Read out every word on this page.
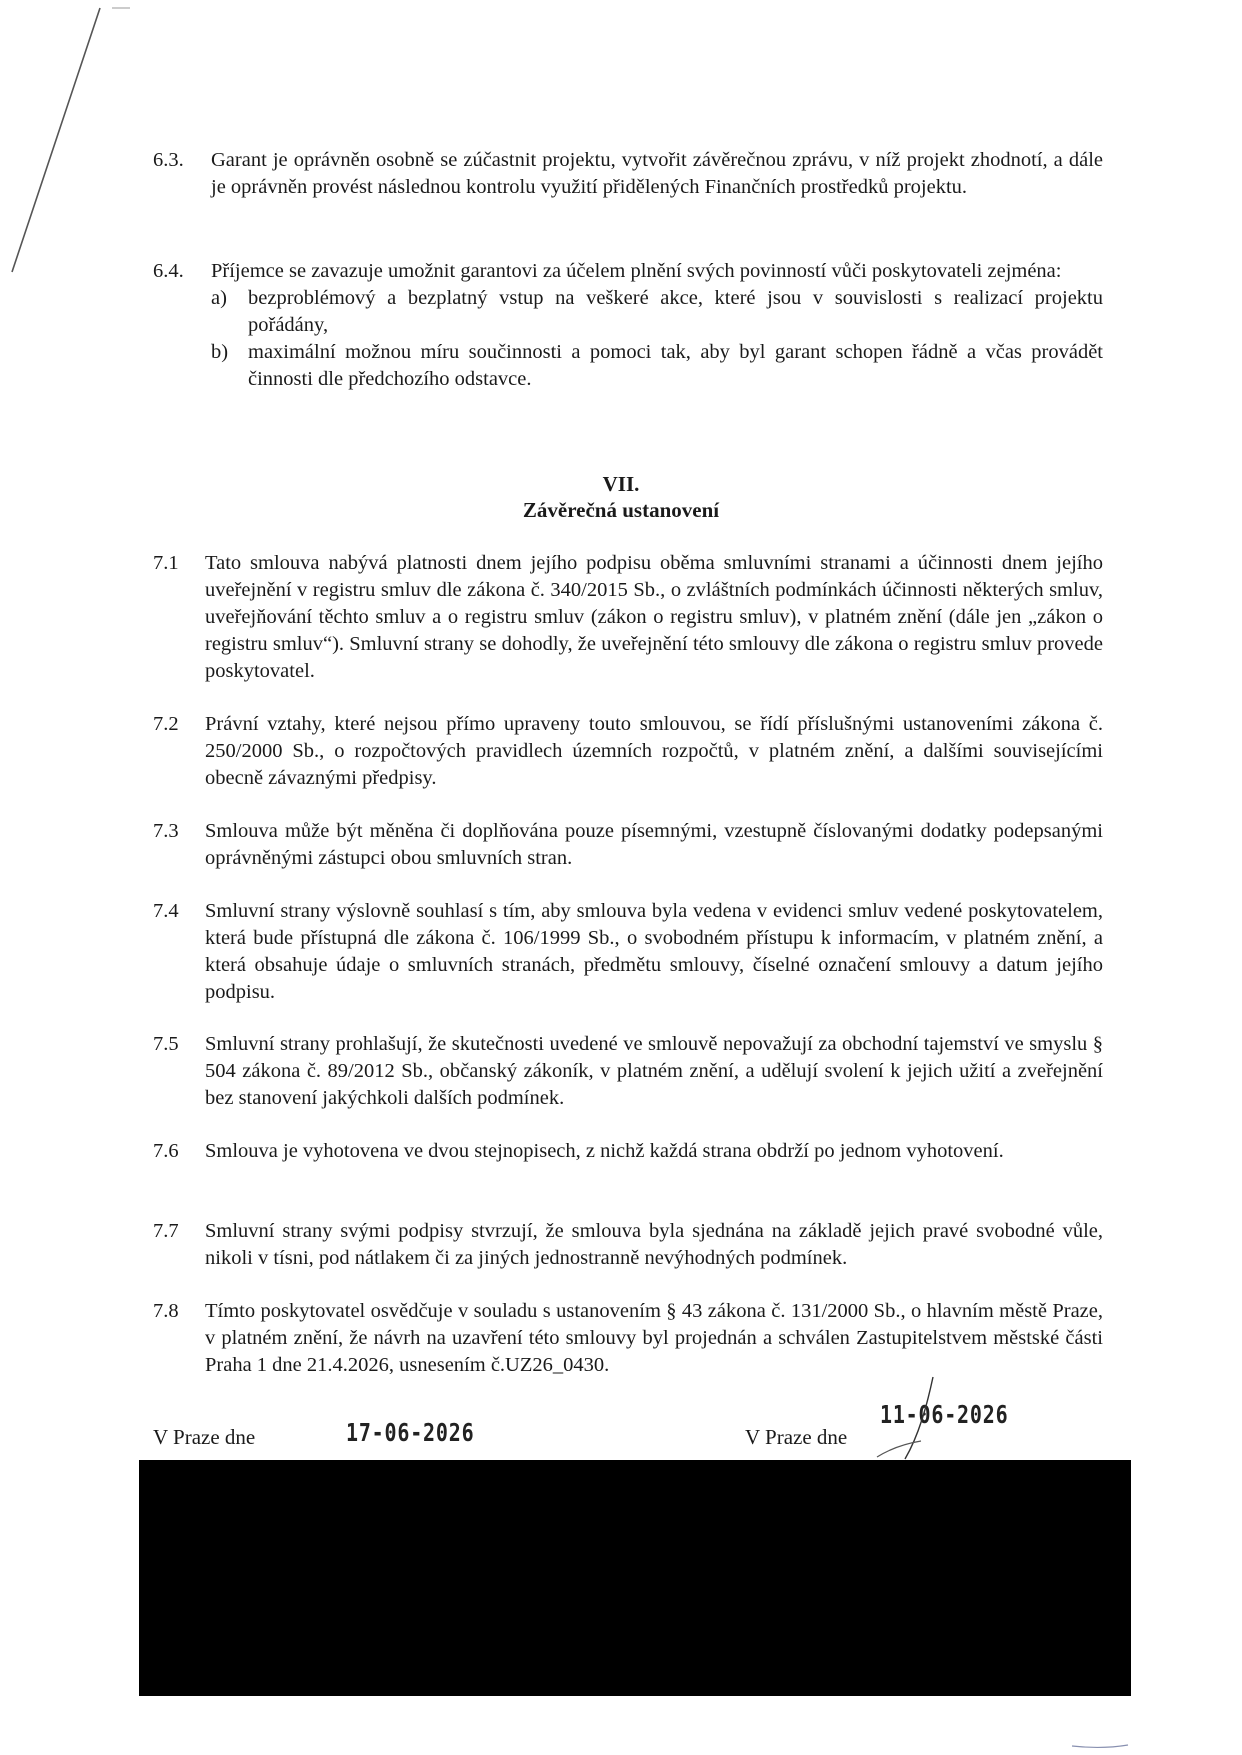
6.3. Garant je oprávněn osobně se zúčastnit projektu, vytvořit závěrečnou zprávu, v níž projekt zhodnotí, a dále je oprávněn provést následnou kontrolu využití přidělených Finančních prostředků projektu.
6.4. Příjemce se zavazuje umožnit garantovi za účelem plnění svých povinností vůči poskytovateli zejména:
a) bezproblémový a bezplatný vstup na veškeré akce, které jsou v souvislosti s realizací projektu pořádány,
b) maximální možnou míru součinnosti a pomoci tak, aby byl garant schopen řádně a včas provádět činnosti dle předchozího odstavce.
VII.
Závěrečná ustanovení
7.1 Tato smlouva nabývá platnosti dnem jejího podpisu oběma smluvními stranami a účinnosti dnem jejího uveřejnění v registru smluv dle zákona č. 340/2015 Sb., o zvláštních podmínkách účinnosti některých smluv, uveřejňování těchto smluv a o registru smluv (zákon o registru smluv), v platném znění (dále jen „zákon o registru smluv“). Smluvní strany se dohodly, že uveřejnění této smlouvy dle zákona o registru smluv provede poskytovatel.
7.2 Právní vztahy, které nejsou přímo upraveny touto smlouvou, se řídí příslušnými ustanoveními zákona č. 250/2000 Sb., o rozpočtových pravidlech územních rozpočtů, v platném znění, a dalšími souvisejícími obecně závaznými předpisy.
7.3 Smlouva může být měněna či doplňována pouze písemnými, vzestupně číslovanými dodatky podepsanými oprávněnými zástupci obou smluvních stran.
7.4 Smluvní strany výslovně souhlasí s tím, aby smlouva byla vedena v evidenci smluv vedené poskytovatelem, která bude přístupná dle zákona č. 106/1999 Sb., o svobodném přístupu k informacím, v platném znění, a která obsahuje údaje o smluvních stranách, předmětu smlouvy, číselné označení smlouvy a datum jejího podpisu.
7.5 Smluvní strany prohlašují, že skutečnosti uvedené ve smlouvě nepovažují za obchodní tajemství ve smyslu § 504 zákona č. 89/2012 Sb., občanský zákoník, v platném znění, a udělují svolení k jejich užití a zveřejnění bez stanovení jakýchkoli dalších podmínek.
7.6 Smlouva je vyhotovena ve dvou stejnopisech, z nichž každá strana obdrží po jednom vyhotovení.
7.7 Smluvní strany svými podpisy stvrzují, že smlouva byla sjednána na základě jejich pravé svobodné vůle, nikoli v tísni, pod nátlakem či za jiných jednostranně nevýhodných podmínek.
7.8 Tímto poskytovatel osvědčuje v souladu s ustanovením § 43 zákona č. 131/2000 Sb., o hlavním městě Praze, v platném znění, že návrh na uzavření této smlouvy byl projednán a schválen Zastupitelstvem městské části Praha 1 dne 21.4.2026, usnesením č.UZ26_0430.
V Praze dne	17-06-2026	V Praze dne
11-06-2026
